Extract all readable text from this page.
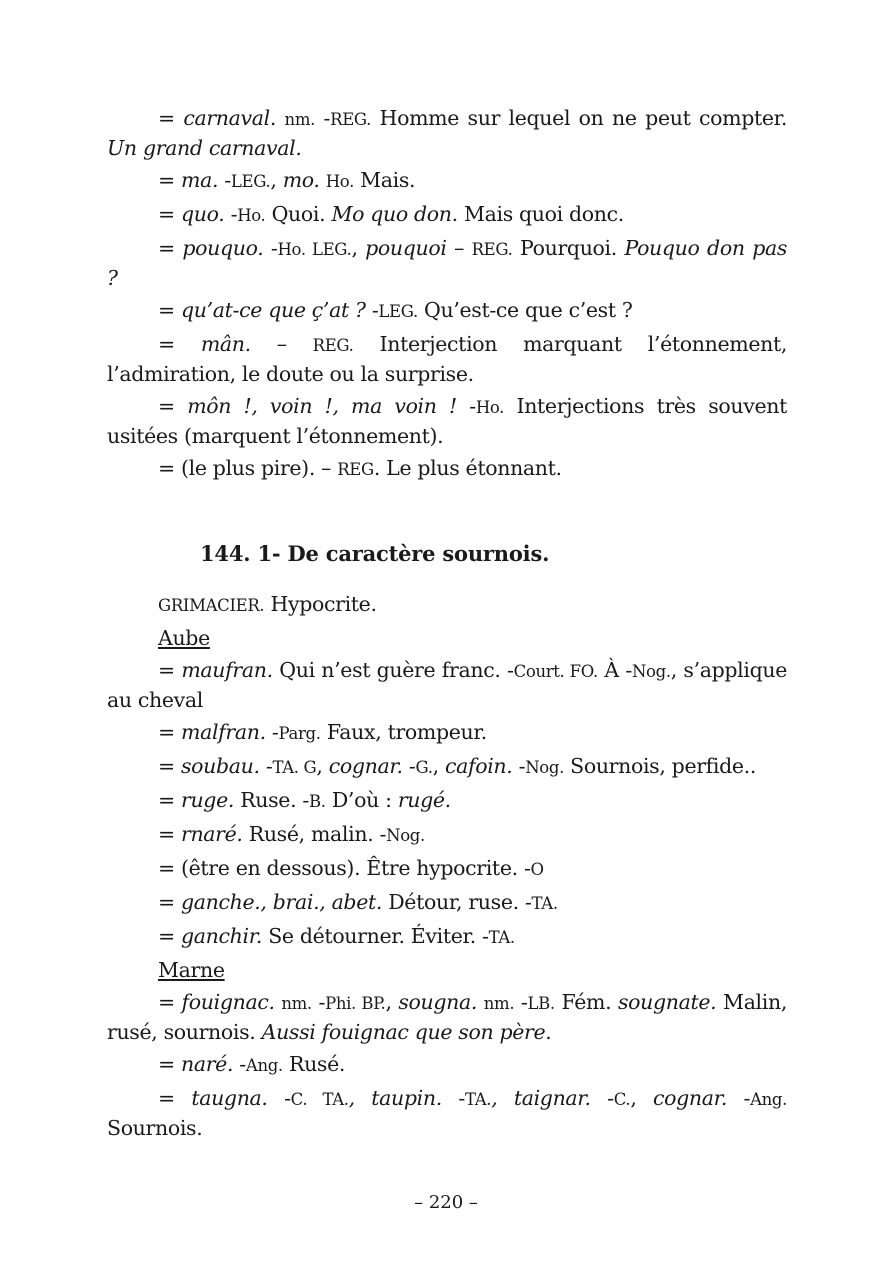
= carnaval. nm. -REG. Homme sur lequel on ne peut compter. Un grand carnaval.

= ma. -LEG., mo. Ho. Mais.

= quo. -Ho. Quoi. Mo quo don. Mais quoi donc.

= pouquo. -Ho. LEG., pouquoi – REG. Pourquoi. Pouquo don pas ?

= qu’at-ce que ç’at ? -LEG. Qu’est-ce que c’est ?

= mân. – REG. Interjection marquant l’étonnement, l’admiration, le doute ou la surprise.

= môn !, voin !, ma voin ! -Ho. Interjections très souvent usitées (marquent l’étonnement).

= (le plus pire). – REG. Le plus étonnant.

144. 1- De caractère sournois.

GRIMACIER. Hypocrite.

Aube

= maufran. Qui n’est guère franc. -Court. FO. À -Nog., s’applique au cheval

= malfran. -Parg. Faux, trompeur.

= soubau. -TA. G, cognar. -G., cafoin. -Nog. Sournois, perfide..

= ruge. Ruse. -B. D’où : rugé.

= rnaré. Rusé, malin. -Nog.

= (être en dessous). Être hypocrite. -O

= ganche., brai., abet. Détour, ruse. -TA.

= ganchir. Se détourner. Éviter. -TA.

Marne

= fouignac. nm. -Phi. BP., sougna. nm. -LB. Fém. sougnate. Malin, rusé, sournois. Aussi fouignac que son père.

= naré. -Ang. Rusé.

= taugna. -C. TA., taupin. -TA., taignar. -C., cognar. -Ang. Sournois.

– 220 –
